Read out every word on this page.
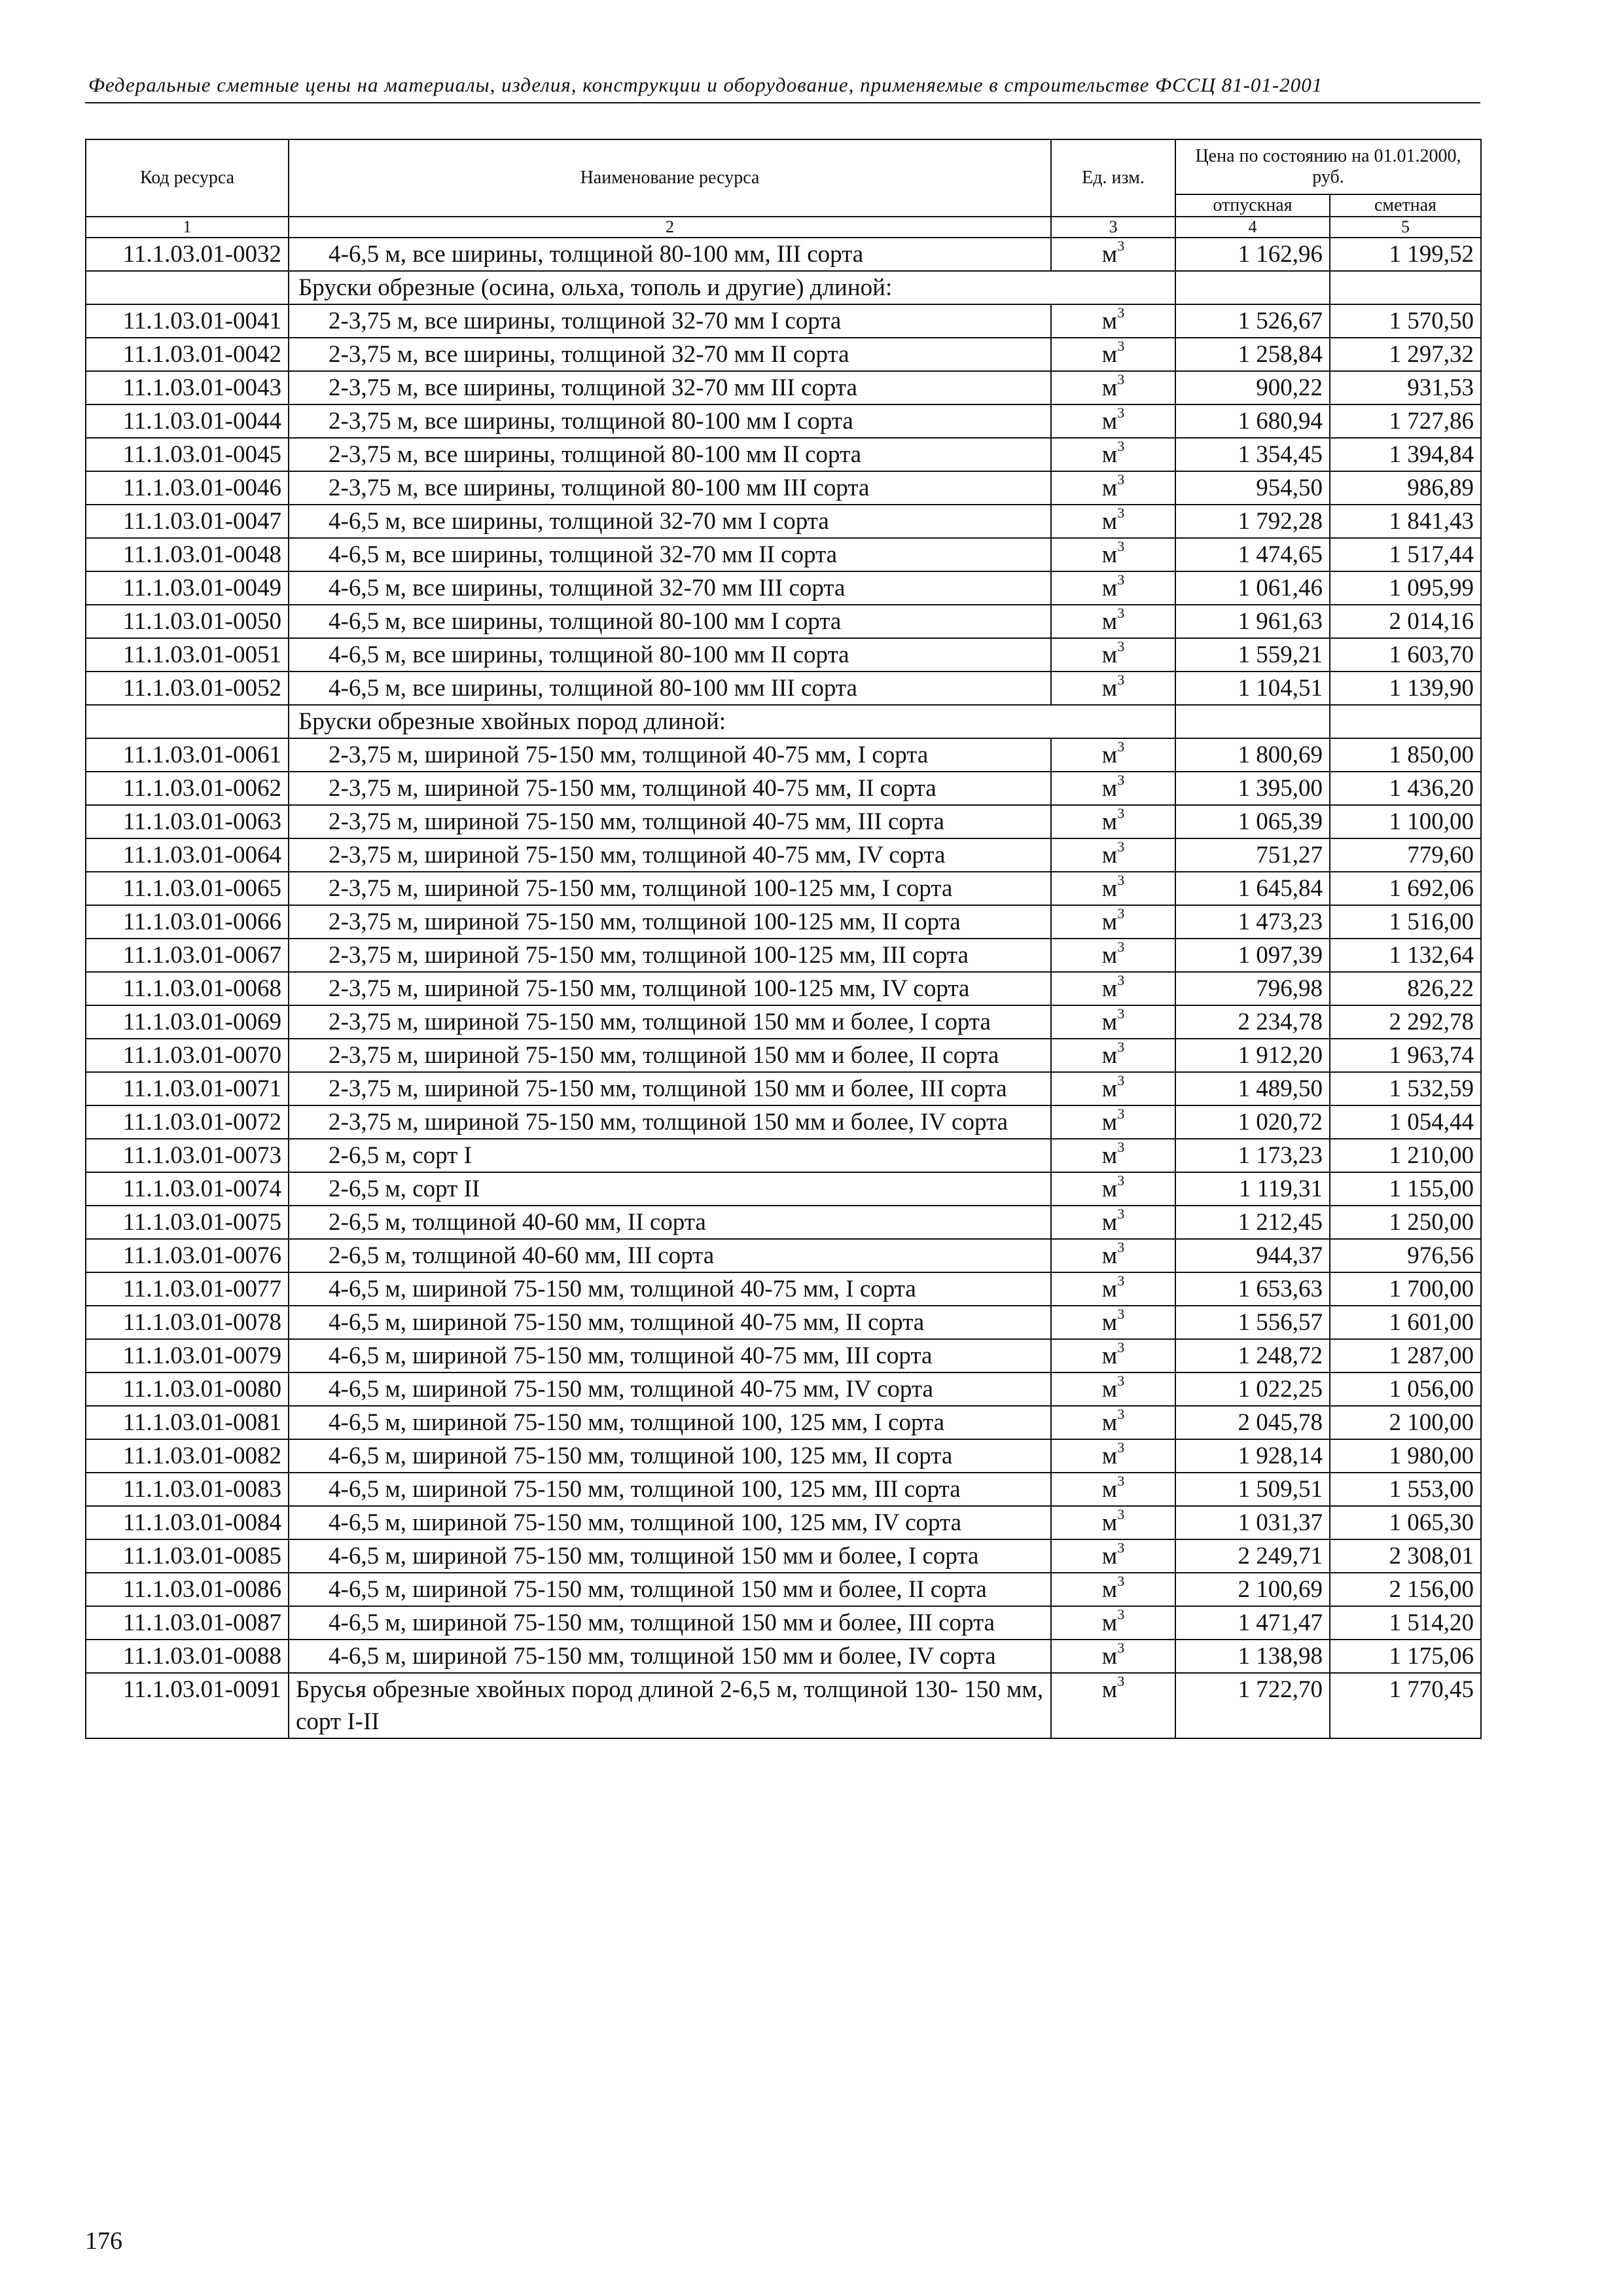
Федеральные сметные цены на материалы, изделия, конструкции и оборудование, применяемые в строительстве ФССЦ 81-01-2001
Код ресурса	Наименование ресурса	Ед. изм.	Цена по состоянию на 01.01.2000, руб.	
			отпускная	сметная
1	2	3	4	5
11.1.03.01-0032	4-6,5 м, все ширины, толщиной 80-100 мм, III сорта	$м^3$	1 162,96	1 199,52
	Бруски обрезные (осина, ольха, тополь и другие) длиной:			
11.1.03.01-0041	2-3,75 м, все ширины, толщиной 32-70 мм I сорта	$м^3$	1 526,67	1 570,50
11.1.03.01-0042	2-3,75 м, все ширины, толщиной 32-70 мм II сорта	$м^3$	1 258,84	1 297,32
11.1.03.01-0043	2-3,75 м, все ширины, толщиной 32-70 мм III сорта	$м^3$	900,22	931,53
11.1.03.01-0044	2-3,75 м, все ширины, толщиной 80-100 мм I сорта	$м^3$	1 680,94	1 727,86
11.1.03.01-0045	2-3,75 м, все ширины, толщиной 80-100 мм II сорта	$м^3$	1 354,45	1 394,84
11.1.03.01-0046	2-3,75 м, все ширины, толщиной 80-100 мм III сорта	$м^3$	954,50	986,89
11.1.03.01-0047	4-6,5 м, все ширины, толщиной 32-70 мм I сорта	$м^3$	1 792,28	1 841,43
11.1.03.01-0048	4-6,5 м, все ширины, толщиной 32-70 мм II сорта	$м^3$	1 474,65	1 517,44
11.1.03.01-0049	4-6,5 м, все ширины, толщиной 32-70 мм III сорта	$м^3$	1 061,46	1 095,99
11.1.03.01-0050	4-6,5 м, все ширины, толщиной 80-100 мм I сорта	$м^3$	1 961,63	2 014,16
11.1.03.01-0051	4-6,5 м, все ширины, толщиной 80-100 мм II сорта	$м^3$	1 559,21	1 603,70
11.1.03.01-0052	4-6,5 м, все ширины, толщиной 80-100 мм III сорта	$м^3$	1 104,51	1 139,90
	Бруски обрезные хвойных пород длиной:			
11.1.03.01-0061	2-3,75 м, шириной 75-150 мм, толщиной 40-75 мм, I сорта	$м^3$	1 800,69	1 850,00
11.1.03.01-0062	2-3,75 м, шириной 75-150 мм, толщиной 40-75 мм, II сорта	$м^3$	1 395,00	1 436,20
11.1.03.01-0063	2-3,75 м, шириной 75-150 мм, толщиной 40-75 мм, III сорта	$м^3$	1 065,39	1 100,00
11.1.03.01-0064	2-3,75 м, шириной 75-150 мм, толщиной 40-75 мм, IV сорта	$м^3$	751,27	779,60
11.1.03.01-0065	2-3,75 м, шириной 75-150 мм, толщиной 100-125 мм, I сорта	$м^3$	1 645,84	1 692,06
11.1.03.01-0066	2-3,75 м, шириной 75-150 мм, толщиной 100-125 мм, II сорта	$м^3$	1 473,23	1 516,00
11.1.03.01-0067	2-3,75 м, шириной 75-150 мм, толщиной 100-125 мм, III сорта	$м^3$	1 097,39	1 132,64
11.1.03.01-0068	2-3,75 м, шириной 75-150 мм, толщиной 100-125 мм, IV сорта	$м^3$	796,98	826,22
11.1.03.01-0069	2-3,75 м, шириной 75-150 мм, толщиной 150 мм и более, I сорта	$м^3$	2 234,78	2 292,78
11.1.03.01-0070	2-3,75 м, шириной 75-150 мм, толщиной 150 мм и более, II сорта	$м^3$	1 912,20	1 963,74
11.1.03.01-0071	2-3,75 м, шириной 75-150 мм, толщиной 150 мм и более, III сорта	$м^3$	1 489,50	1 532,59
11.1.03.01-0072	2-3,75 м, шириной 75-150 мм, толщиной 150 мм и более, IV сорта	$м^3$	1 020,72	1 054,44
11.1.03.01-0073	2-6,5 м, сорт I	$м^3$	1 173,23	1 210,00
11.1.03.01-0074	2-6,5 м, сорт II	$м^3$	1 119,31	1 155,00
11.1.03.01-0075	2-6,5 м, толщиной 40-60 мм, II сорта	$м^3$	1 212,45	1 250,00
11.1.03.01-0076	2-6,5 м, толщиной 40-60 мм, III сорта	$м^3$	944,37	976,56
11.1.03.01-0077	4-6,5 м, шириной 75-150 мм, толщиной 40-75 мм, I сорта	$м^3$	1 653,63	1 700,00
11.1.03.01-0078	4-6,5 м, шириной 75-150 мм, толщиной 40-75 мм, II сорта	$м^3$	1 556,57	1 601,00
11.1.03.01-0079	4-6,5 м, шириной 75-150 мм, толщиной 40-75 мм, III сорта	$м^3$	1 248,72	1 287,00
11.1.03.01-0080	4-6,5 м, шириной 75-150 мм, толщиной 40-75 мм, IV сорта	$м^3$	1 022,25	1 056,00
11.1.03.01-0081	4-6,5 м, шириной 75-150 мм, толщиной 100, 125 мм, I сорта	$м^3$	2 045,78	2 100,00
11.1.03.01-0082	4-6,5 м, шириной 75-150 мм, толщиной 100, 125 мм, II сорта	$м^3$	1 928,14	1 980,00
11.1.03.01-0083	4-6,5 м, шириной 75-150 мм, толщиной 100, 125 мм, III сорта	$м^3$	1 509,51	1 553,00
11.1.03.01-0084	4-6,5 м, шириной 75-150 мм, толщиной 100, 125 мм, IV сорта	$м^3$	1 031,37	1 065,30
11.1.03.01-0085	4-6,5 м, шириной 75-150 мм, толщиной 150 мм и более, I сорта	$м^3$	2 249,71	2 308,01
11.1.03.01-0086	4-6,5 м, шириной 75-150 мм, толщиной 150 мм и более, II сорта	$м^3$	2 100,69	2 156,00
11.1.03.01-0087	4-6,5 м, шириной 75-150 мм, толщиной 150 мм и более, III сорта	$м^3$	1 471,47	1 514,20
11.1.03.01-0088	4-6,5 м, шириной 75-150 мм, толщиной 150 мм и более, IV сорта	$м^3$	1 138,98	1 175,06
11.1.03.01-0091	Брусья обрезные хвойных пород длиной 2-6,5 м, толщиной 130- 150 мм, сорт I-II	$м^3$	1 722,70	1 770,45
176
